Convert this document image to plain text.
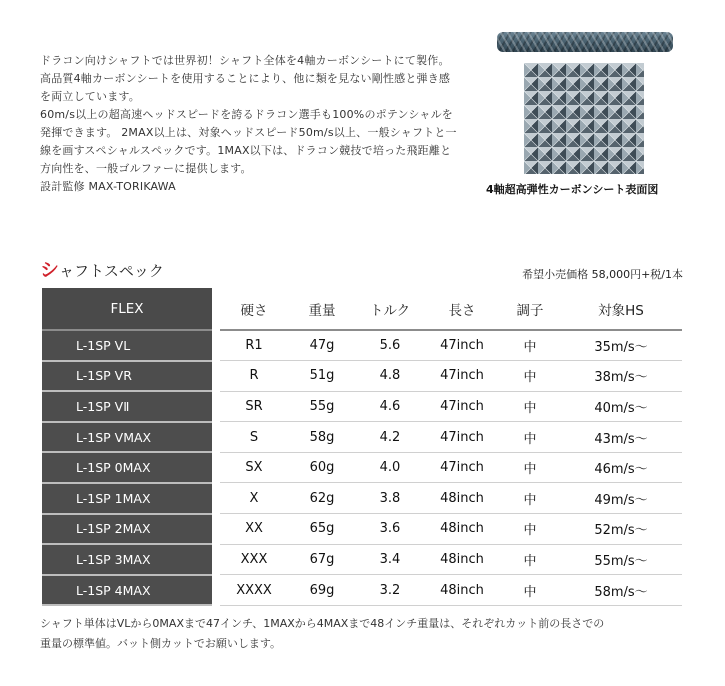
ドラコン向けシャフトでは世界初！シャフト全体を4軸カーボンシートにて製作。高品質4軸カーボンシートを使用することにより、他に類を見ない剛性感と弾き感を両立しています。

60m/s以上の超高速ヘッドスピードを誇るドラコン選手も100%のポテンシャルを発揮できます。 2MAX以上は、対象ヘッドスピード50m/s以上、一般シャフトと一線を画すスペシャルスペックです。1MAX以下は、ドラコン競技で培った飛距離と方向性を、一般ゴルファーに提供します。

設計監修 MAX-TORIKAWA	4軸超高弾性カーボンシート表面図
シャフトスペック	希望小売価格 58,000円+税/1本
FLEX		硬さ	重量	トルク	長さ	調子	対象HS
L-1SP VL		R1	47g	5.6	47inch	中	35m/s〜
L-1SP VR		R	51g	4.8	47inch	中	38m/s〜
L-1SP VⅡ		SR	55g	4.6	47inch	中	40m/s〜
L-1SP VMAX		S	58g	4.2	47inch	中	43m/s〜
L-1SP 0MAX		SX	60g	4.0	47inch	中	46m/s〜
L-1SP 1MAX		X	62g	3.8	48inch	中	49m/s〜
L-1SP 2MAX		XX	65g	3.6	48inch	中	52m/s〜
L-1SP 3MAX		XXX	67g	3.4	48inch	中	55m/s〜
L-1SP 4MAX		XXXX	69g	3.2	48inch	中	58m/s〜

シャフト単体はVLから0MAXまで47インチ、1MAXから4MAXまで48インチ重量は、それぞれカット前の長さでの

重量の標準値。バット側カットでお願いします。
